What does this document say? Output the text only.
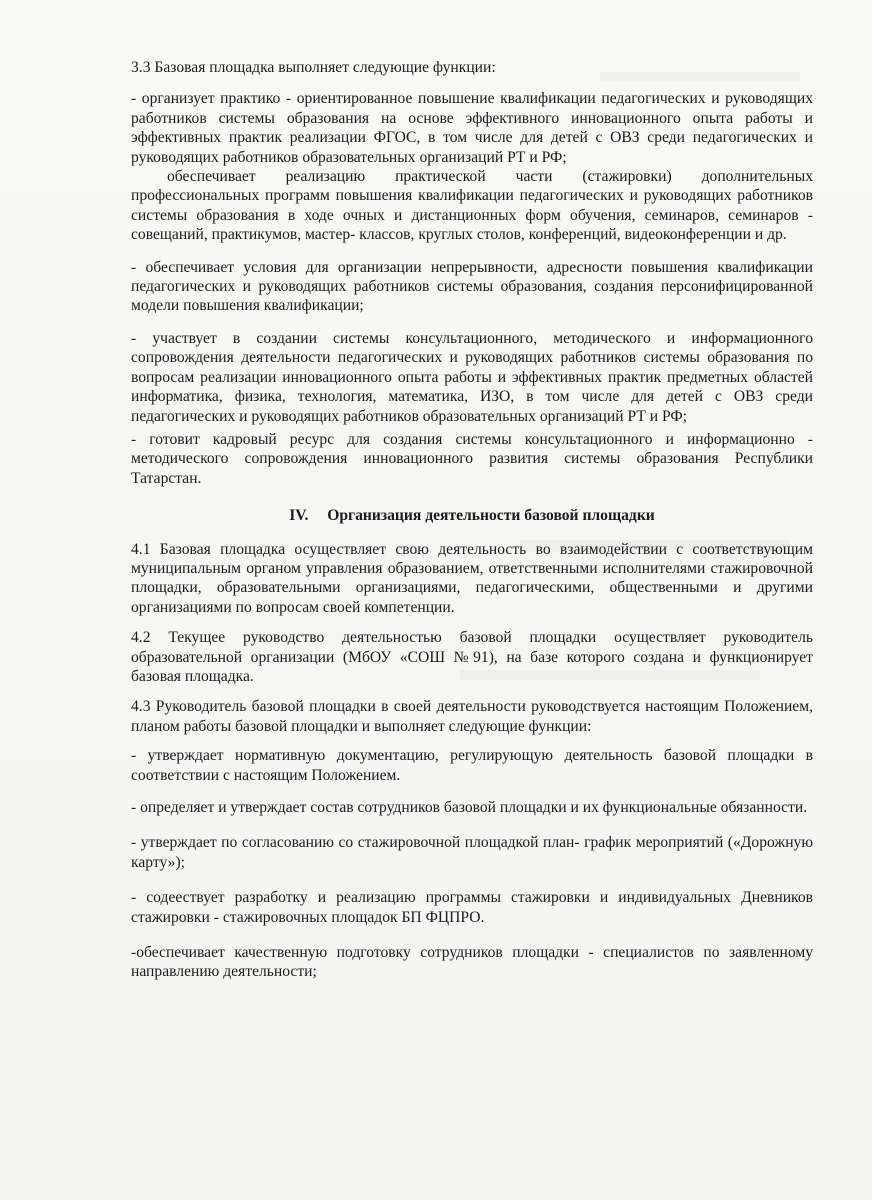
3.3 Базовая площадка выполняет следующие функции:

- организует практико - ориентированное повышение квалификации педагогических и руководящих работников системы образования на основе эффективного инновационного опыта работы и эффективных практик реализации ФГОС, в том числе для детей с ОВЗ среди педагогических и руководящих работников образовательных организаций РТ и РФ;

обеспечивает реализацию практической части (стажировки) дополнительных профессиональных программ повышения квалификации педагогических и руководящих работников системы образования в ходе очных и дистанционных форм обучения, семинаров, семинаров - совещаний, практикумов, мастер- классов, круглых столов, конференций, видеоконференции и др.

- обеспечивает условия для организации непрерывности, адресности повышения квалификации педагогических и руководящих работников системы образования, создания персонифицированной модели повышения квалификации;

- участвует в создании системы консультационного, методического и информационного сопровождения деятельности педагогических и руководящих работников системы образования по вопросам реализации инновационного опыта работы и эффективных практик предметных областей информатика, физика, технология, математика, ИЗО, в том числе для детей с ОВЗ среди педагогических и руководящих работников образовательных организаций РТ и РФ;

- готовит кадровый ресурс для создания системы консультационного и информационно - методического сопровождения инновационного развития системы образования Республики Татарстан.

IV. Организация деятельности базовой площадки

4.1 Базовая площадка осуществляет свою деятельность во взаимодействии с соответствующим муниципальным органом управления образованием, ответственными исполнителями стажировочной площадки, образовательными организациями, педагогическими, общественными и другими организациями по вопросам своей компетенции.

4.2 Текущее руководство деятельностью базовой площадки осуществляет руководитель образовательной организации (МбОУ «СОШ №91), на базе которого создана и функционирует базовая площадка.

4.3 Руководитель базовой площадки в своей деятельности руководствуется настоящим Положением, планом работы базовой площадки и выполняет следующие функции:

- утверждает нормативную документацию, регулирующую деятельность базовой площадки в соответствии с настоящим Положением.

- определяет и утверждает состав сотрудников базовой площадки и их функциональные обязанности.

- утверждает по согласованию со стажировочной площадкой план- график мероприятий («Дорожную карту»);

- содеествует разработку и реализацию программы стажировки и индивидуальных Дневников стажировки - стажировочных площадок БП ФЦПРО.

-обеспечивает качественную подготовку сотрудников площадки - специалистов по заявленному направлению деятельности;
